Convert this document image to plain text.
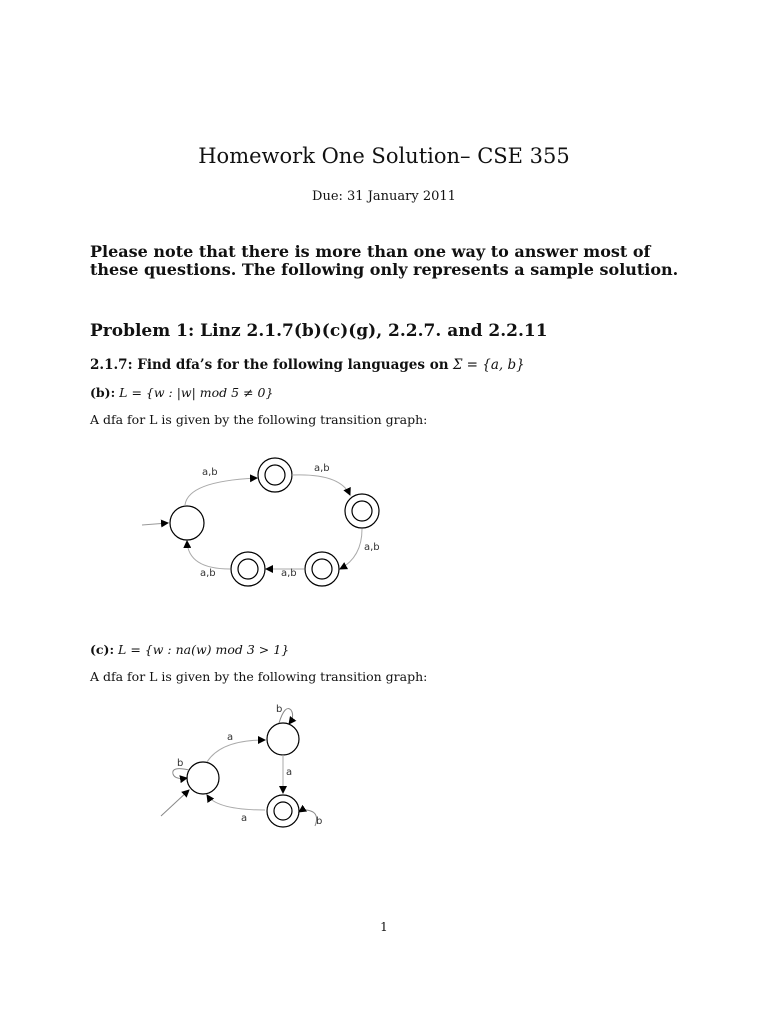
Homework One Solution– CSE 355
Due: 31 January 2011
Please note that there is more than one way to answer most of these questions. The following only represents a sample solution.
Problem 1: Linz 2.1.7(b)(c)(g), 2.2.7. and 2.2.11
2.1.7: Find dfa’s for the following languages on Σ = {a, b}
(b): L = {w : |w| mod 5 ≠ 0}
A dfa for L is given by the following transition graph:
a,b	a,b
a,b
a,b
a,b
(c): L = {w : na(w) mod 3 > 1}
A dfa for L is given by the following transition graph:
b
a
b
a
a	b
1
